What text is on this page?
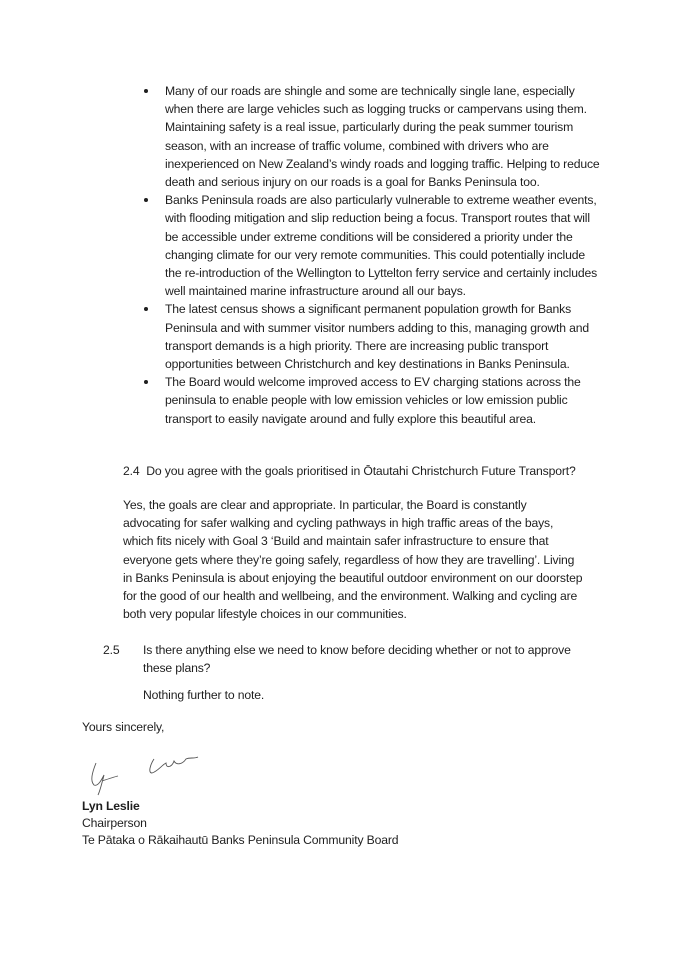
Many of our roads are shingle and some are technically single lane, especially when there are large vehicles such as logging trucks or campervans using them. Maintaining safety is a real issue, particularly during the peak summer tourism season, with an increase of traffic volume, combined with drivers who are inexperienced on New Zealand’s windy roads and logging traffic. Helping to reduce death and serious injury on our roads is a goal for Banks Peninsula too.
Banks Peninsula roads are also particularly vulnerable to extreme weather events, with flooding mitigation and slip reduction being a focus. Transport routes that will be accessible under extreme conditions will be considered a priority under the changing climate for our very remote communities. This could potentially include the re-introduction of the Wellington to Lyttelton ferry service and certainly includes well maintained marine infrastructure around all our bays.
The latest census shows a significant permanent population growth for Banks Peninsula and with summer visitor numbers adding to this, managing growth and transport demands is a high priority. There are increasing public transport opportunities between Christchurch and key destinations in Banks Peninsula.
The Board would welcome improved access to EV charging stations across the peninsula to enable people with low emission vehicles or low emission public transport to easily navigate around and fully explore this beautiful area.
2.4 Do you agree with the goals prioritised in Ōtautahi Christchurch Future Transport?
Yes, the goals are clear and appropriate. In particular, the Board is constantly advocating for safer walking and cycling pathways in high traffic areas of the bays, which fits nicely with Goal 3 ‘Build and maintain safer infrastructure to ensure that everyone gets where they’re going safely, regardless of how they are travelling’. Living in Banks Peninsula is about enjoying the beautiful outdoor environment on our doorstep for the good of our health and wellbeing, and the environment. Walking and cycling are both very popular lifestyle choices in our communities.
2.5 Is there anything else we need to know before deciding whether or not to approve these plans?
Nothing further to note.
Yours sincerely,
Lyn Leslie
Chairperson
Te Pātaka o Rākaihautū Banks Peninsula Community Board
